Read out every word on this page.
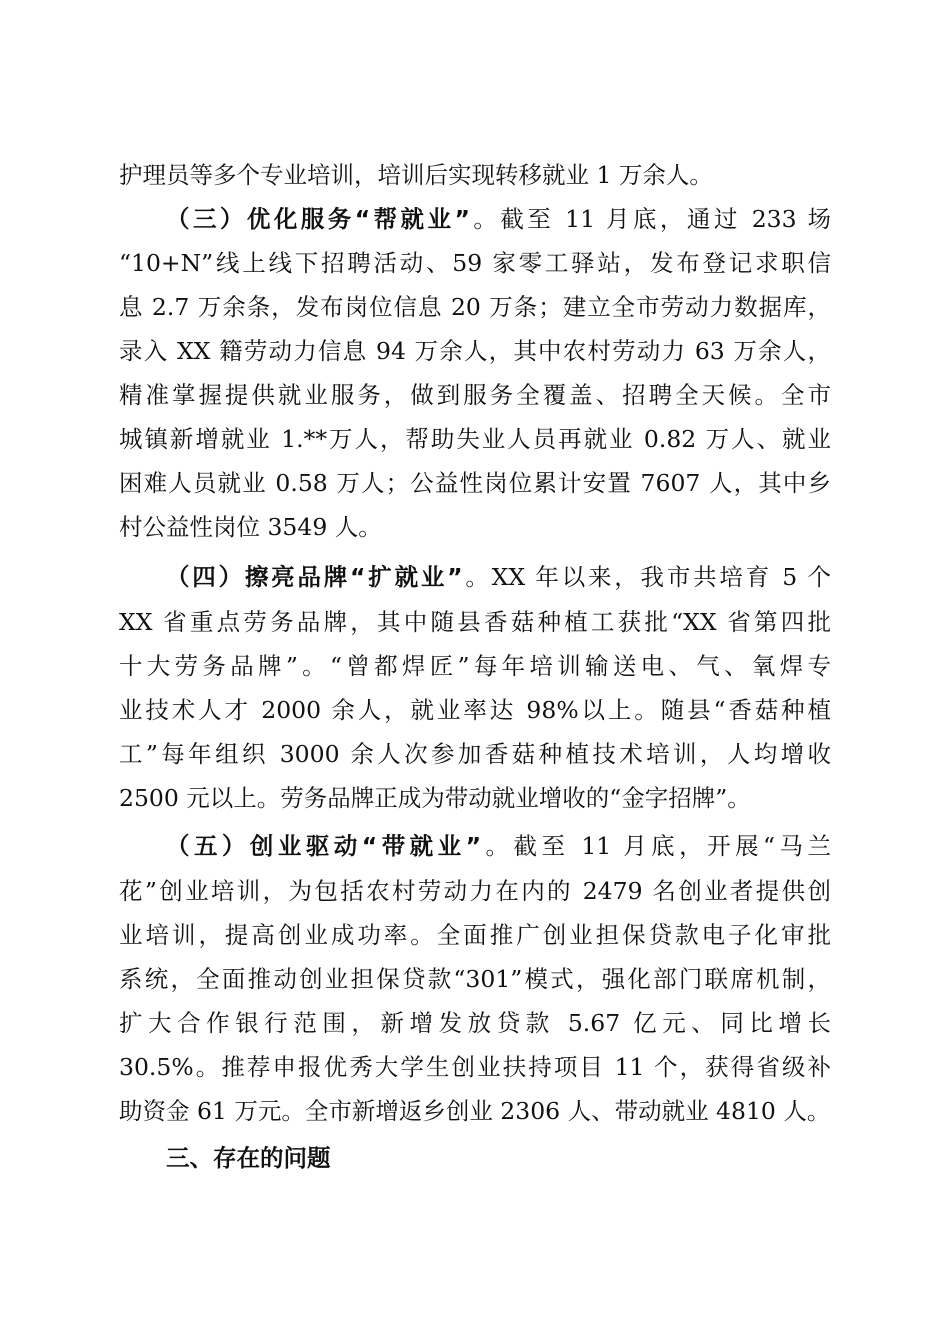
护理员等多个专业培训，培训后实现转移就业 1 万余人。
（三）优化服务“帮就业”。截至 11 月底，通过 233 场
“10+N”线上线下招聘活动、59 家零工驿站，发布登记求职信
息 2.7 万余条，发布岗位信息 20 万条；建立全市劳动力数据库，
录入 XX 籍劳动力信息 94 万余人，其中农村劳动力 63 万余人，
精准掌握提供就业服务，做到服务全覆盖、招聘全天候。全市
城镇新增就业 1.**万人，帮助失业人员再就业 0.82 万人、就业
困难人员就业 0.58 万人；公益性岗位累计安置 7607 人，其中乡
村公益性岗位 3549 人。
（四）擦亮品牌“扩就业”。XX 年以来，我市共培育 5 个
XX 省重点劳务品牌，其中随县香菇种植工获批“XX 省第四批
十大劳务品牌”。“曾都焊匠”每年培训输送电、气、氧焊专
业技术人才 2000 余人，就业率达 98%以上。随县“香菇种植
工”每年组织 3000 余人次参加香菇种植技术培训，人均增收
2500 元以上。劳务品牌正成为带动就业增收的“金字招牌”。
（五）创业驱动“带就业”。截至 11 月底，开展“马兰
花”创业培训，为包括农村劳动力在内的 2479 名创业者提供创
业培训，提高创业成功率。全面推广创业担保贷款电子化审批
系统，全面推动创业担保贷款“301”模式，强化部门联席机制，
扩大合作银行范围，新增发放贷款 5.67 亿元、同比增长
30.5%。推荐申报优秀大学生创业扶持项目 11 个，获得省级补
助资金 61 万元。全市新增返乡创业 2306 人、带动就业 4810 人。
三、存在的问题
